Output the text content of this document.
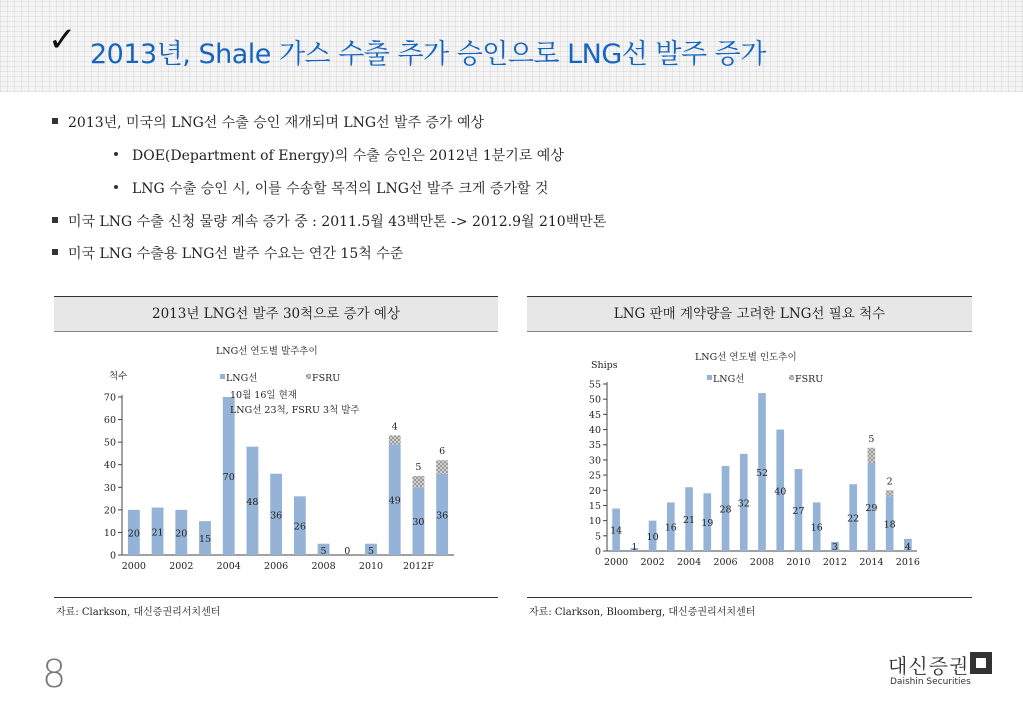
✓ 2013년, Shale 가스 수출 추가 승인으로 LNG선 발주 증가
2013년, 미국의 LNG선 수출 승인 재개되며 LNG선 발주 증가 예상
DOE(Department of Energy)의 수출 승인은 2012년 1분기로 예상
LNG 수출 승인 시, 이를 수송할 목적의 LNG선 발주 크게 증가할 것
미국 LNG 수출 신청 물량 계속 증가 중 : 2011.5월 43백만톤 -> 2012.9월 210백만톤
미국 LNG 수출용 LNG선 발주 수요는 연간 15척 수준
2013년 LNG선 발주 30척으로 증가 예상	LNG 판매 계약량을 고려한 LNG선 필요 척수
LNG선 연도별 발주추이
척수	LNG선	FSRU
0
10
20
30
40
50
60
70
20 21 20
15
70
48
36
26
5 0 5
4
49
5
30
6
36
2000 2002 2004 2006 2008 2010 2012F
10월 16일 현재
LNG선 23척, FSRU 3척 발주
LNG선 연도별 인도추이
Ships
LNG선	FSRU
0
5
10
15
20
25
30
35
40
45
50
55
14
1
10
16
21 19
28
32
52
40
27
16
3
22
5
29
2
18
4
2000 2002 2004 2006 2008 2010 2012 2014 2016
자료: Clarkson, 대신증권리서치센터	자료: Clarkson, Bloomberg, 대신증권리서치센터
8	대신증권
Daishin Securities
